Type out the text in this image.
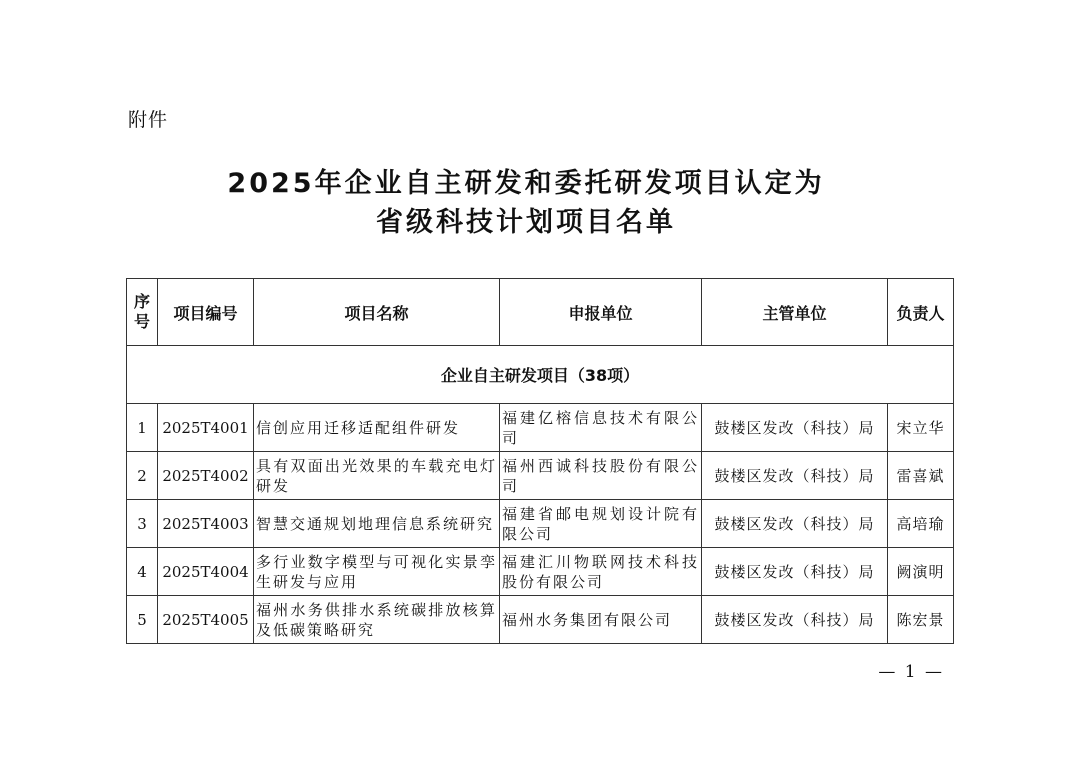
附件
2025年企业自主研发和委托研发项目认定为
省级科技计划项目名单
序号	项目编号	项目名称	申报单位	主管单位	负责人
企业自主研发项目（38项）					
1	2025T4001	信创应用迁移适配组件研发	福建亿榕信息技术有限公司	鼓楼区发改（科技）局	宋立华
2	2025T4002	具有双面出光效果的车载充电灯研发	福州西诚科技股份有限公司	鼓楼区发改（科技）局	雷喜斌
3	2025T4003	智慧交通规划地理信息系统研究	福建省邮电规划设计院有限公司	鼓楼区发改（科技）局	高培瑜
4	2025T4004	多行业数字模型与可视化实景孪生研发与应用	福建汇川物联网技术科技股份有限公司	鼓楼区发改（科技）局	阙演明
5	2025T4005	福州水务供排水系统碳排放核算及低碳策略研究	福州水务集团有限公司	鼓楼区发改（科技）局	陈宏景
— 1 —
